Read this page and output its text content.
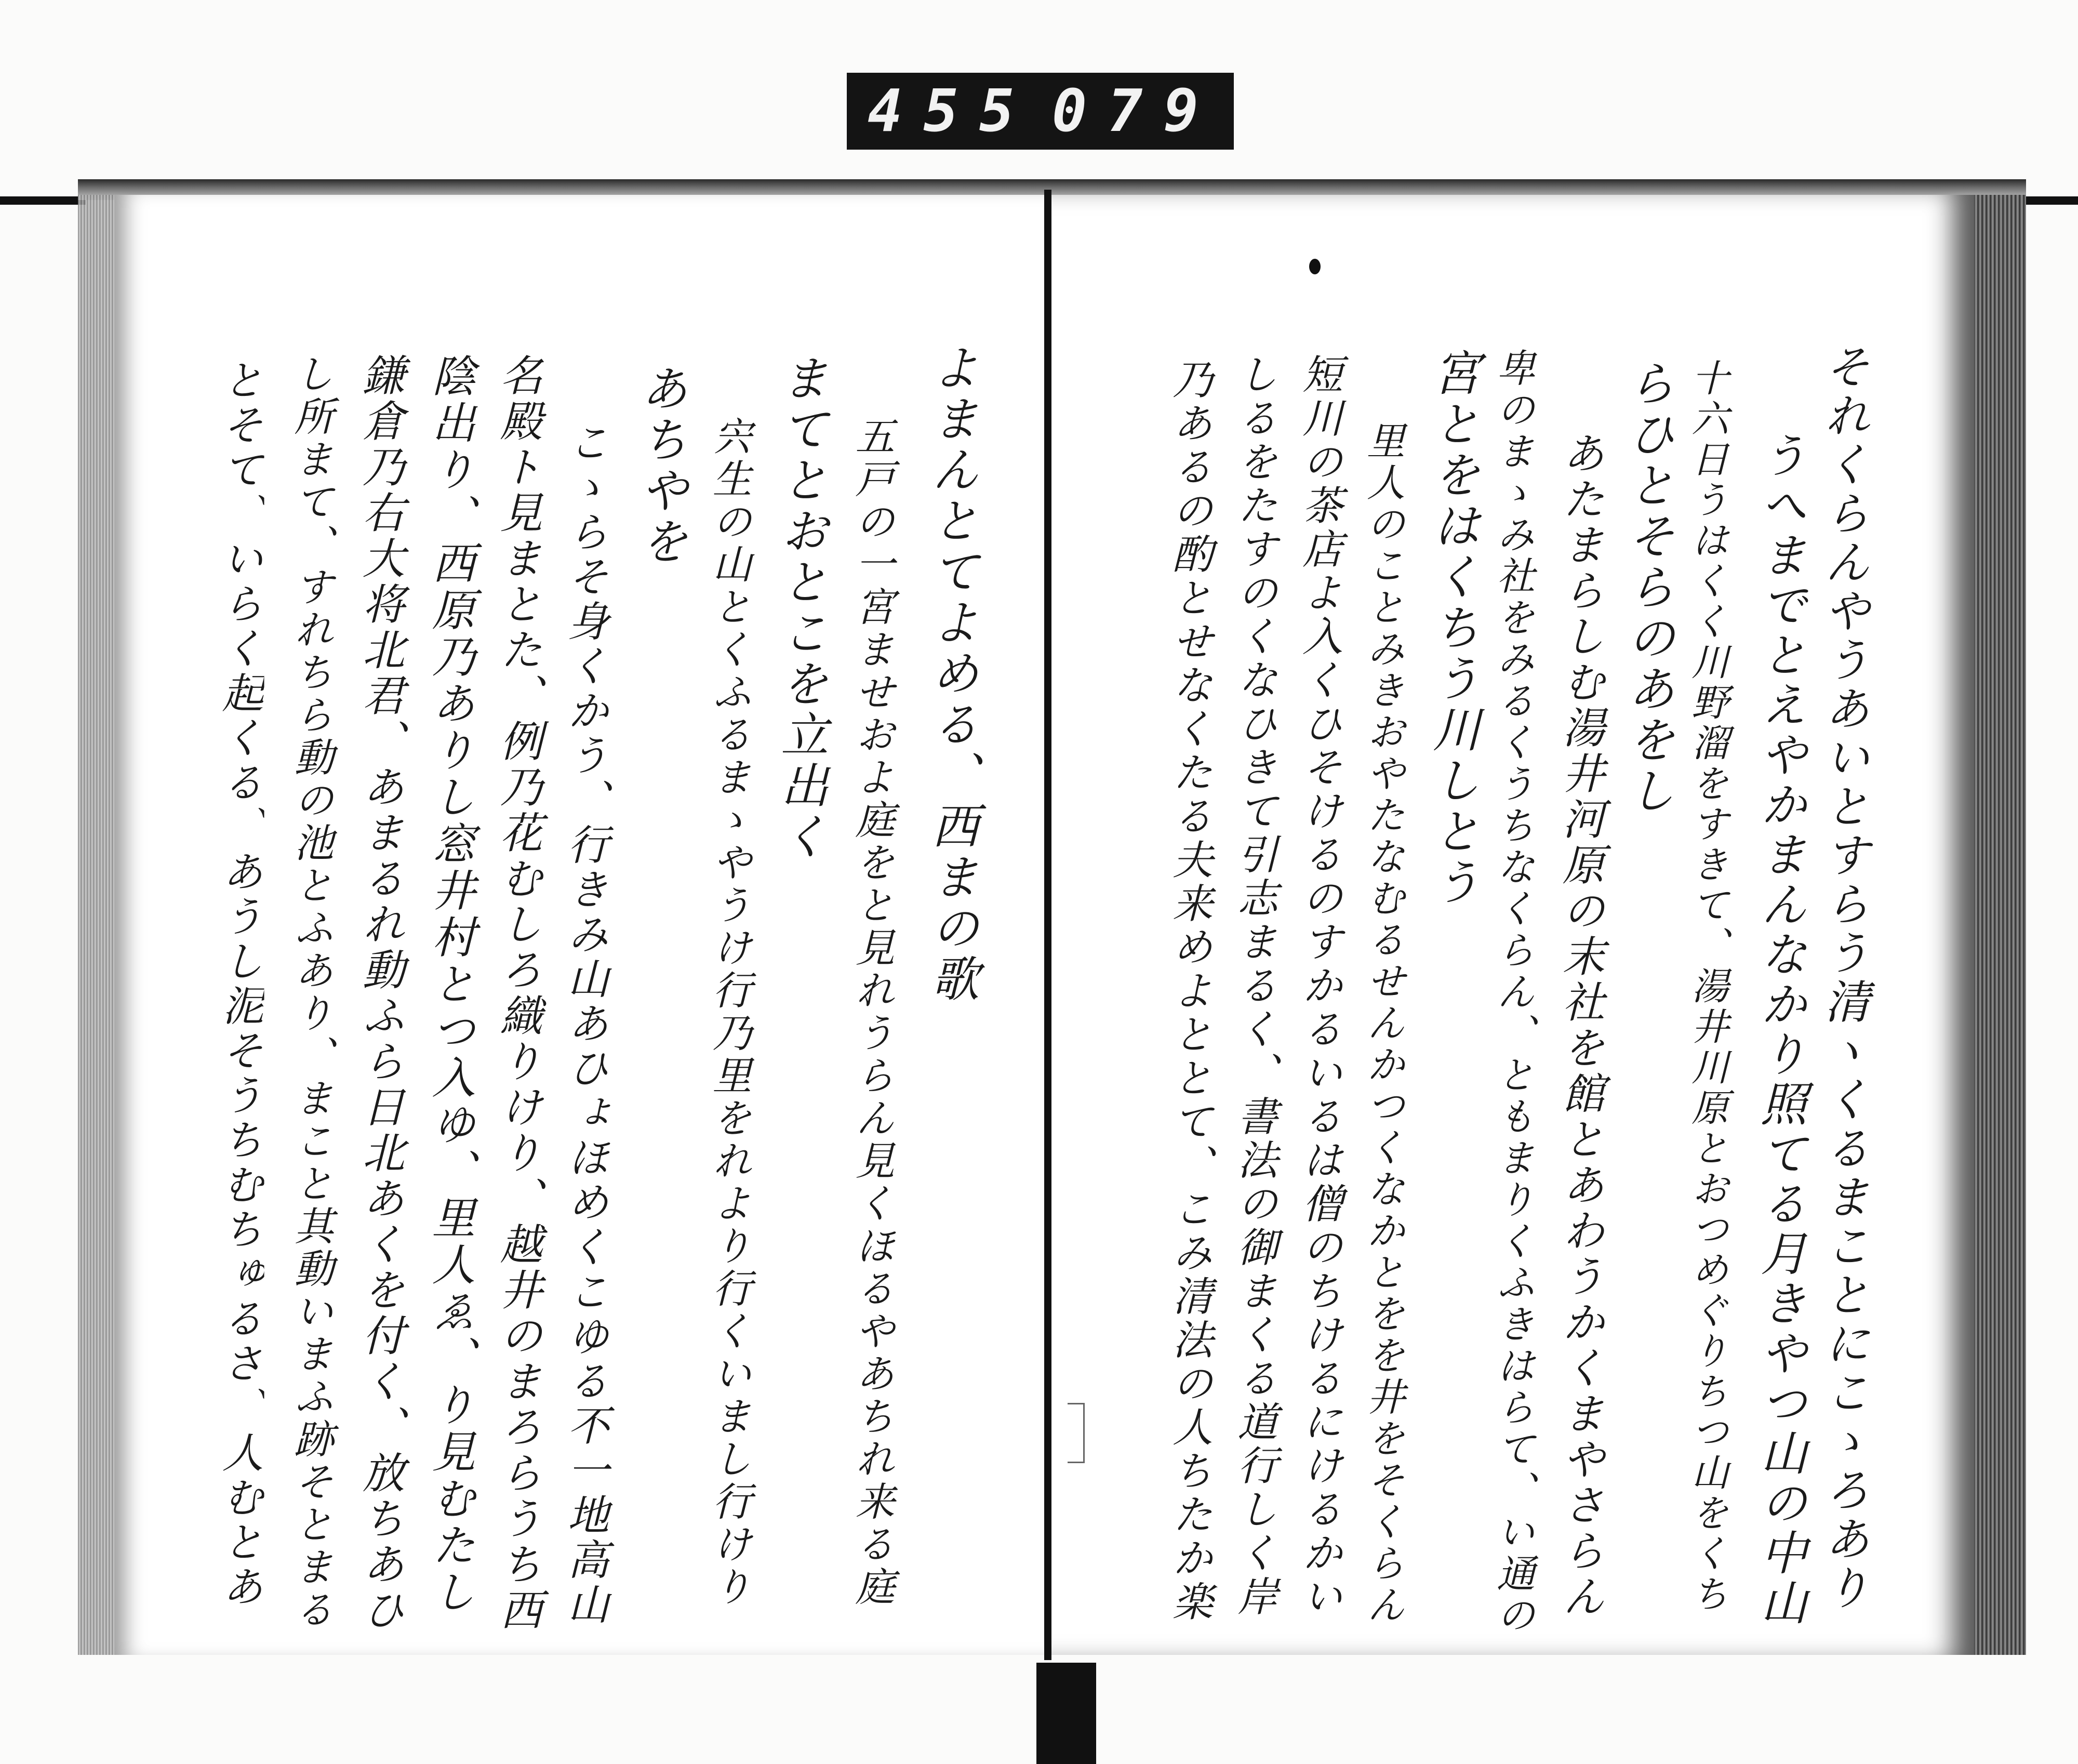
455 079
それくらんやうあいとすらう清ヽくるまことにこゝろあり
うへまでとえやかまんなかり照てる月きやつ山の中山
十六日うはくく川野溜をすきて、湯井川原とおつめぐりちつ山をくち
らひとそらのあをし
あたまらしむ湯井河原の末社を館とあわうかくまやさらん
卑のまゝみ社をみるくうちなくらん、ともまりくふきはらて、い通の
宮とをはくちう川しとう
里人のことみきおやたなむるせんかつくなかとをを井をそくらん
短川の茶店よ入くひそけるのすかるいるは僧のちけるにけるかい
しるをたすのくなひきて引志まるく、書法の御まくる道行しく岸
乃あるの酌とせなくたる夫来めよととて、こみ清法の人ちたか楽
よまんとてよめる、西まの歌
五戸の一宮ませおよ庭をと見れうらん見くほるやあちれ来る庭
まてとおとこを立出く
宍生の山とくふるまゝやうけ行乃里をれより行くいまし行けり
あちやを
こゝらそ身くかう、行きみ山あひょほめくこゆる不一地高山
名殿ト見まとた、例乃花むしろ織りけり、越井のまろらうち西
陰出り、西原乃ありし窓井村とつ入ゆ、里人ゑ、り見むたし
鎌倉乃右大将北君、あまるれ動ふら日北あくを付く、放ちあひ
し所まて、すれちら動の池とふあり、まこと其動いまふ跡そとまる
とそて、いらく起くる、あうし泥そうちむちゅるさ、人むとあ
